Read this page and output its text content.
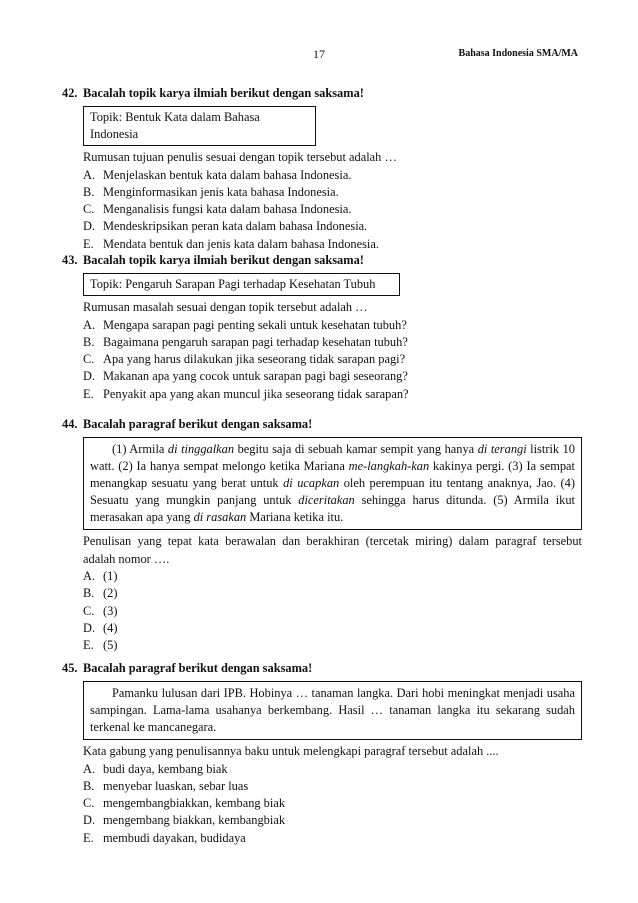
17	Bahasa Indonesia SMA/MA
42. Bacalah topik karya ilmiah berikut dengan saksama!
Topik: Bentuk Kata dalam Bahasa Indonesia
Rumusan tujuan penulis sesuai dengan topik tersebut adalah …
A. Menjelaskan bentuk kata dalam bahasa Indonesia.
B. Menginformasikan jenis kata bahasa Indonesia.
C. Menganalisis fungsi kata dalam bahasa Indonesia.
D. Mendeskripsikan peran kata dalam bahasa Indonesia.
E. Mendata bentuk dan jenis kata dalam bahasa Indonesia.
43. Bacalah topik karya ilmiah berikut dengan saksama!
Topik: Pengaruh Sarapan Pagi terhadap Kesehatan Tubuh
Rumusan masalah sesuai dengan topik tersebut adalah …
A. Mengapa sarapan pagi penting sekali untuk kesehatan tubuh?
B. Bagaimana pengaruh sarapan pagi terhadap kesehatan tubuh?
C. Apa yang harus dilakukan jika seseorang tidak sarapan pagi?
D. Makanan apa yang cocok untuk sarapan pagi bagi seseorang?
E. Penyakit apa yang akan muncul jika seseorang tidak sarapan?
44. Bacalah paragraf berikut dengan saksama!
(1) Armila di tinggalkan begitu saja di sebuah kamar sempit yang hanya di terangi listrik 10 watt. (2) Ia hanya sempat melongo ketika Mariana me-langkah-kan kakinya pergi. (3) Ia sempat menangkap sesuatu yang berat untuk di ucapkan oleh perempuan itu tentang anaknya, Jao. (4) Sesuatu yang mungkin panjang untuk diceritakan sehingga harus ditunda. (5) Armila ikut merasakan apa yang di rasakan Mariana ketika itu.
Penulisan yang tepat kata berawalan dan berakhiran (tercetak miring) dalam paragraf tersebut adalah nomor ….
A. (1)
B. (2)
C. (3)
D. (4)
E. (5)
45. Bacalah paragraf berikut dengan saksama!
Pamanku lulusan dari IPB. Hobinya … tanaman langka. Dari hobi meningkat menjadi usaha sampingan. Lama-lama usahanya berkembang. Hasil … tanaman langka itu sekarang sudah terkenal ke mancanegara.
Kata gabung yang penulisannya baku untuk melengkapi paragraf tersebut adalah ....
A. budi daya, kembang biak
B. menyebar luaskan, sebar luas
C. mengembangbiakkan, kembang biak
D. mengembang biakkan, kembangbiak
E. membudi dayakan, budidaya
